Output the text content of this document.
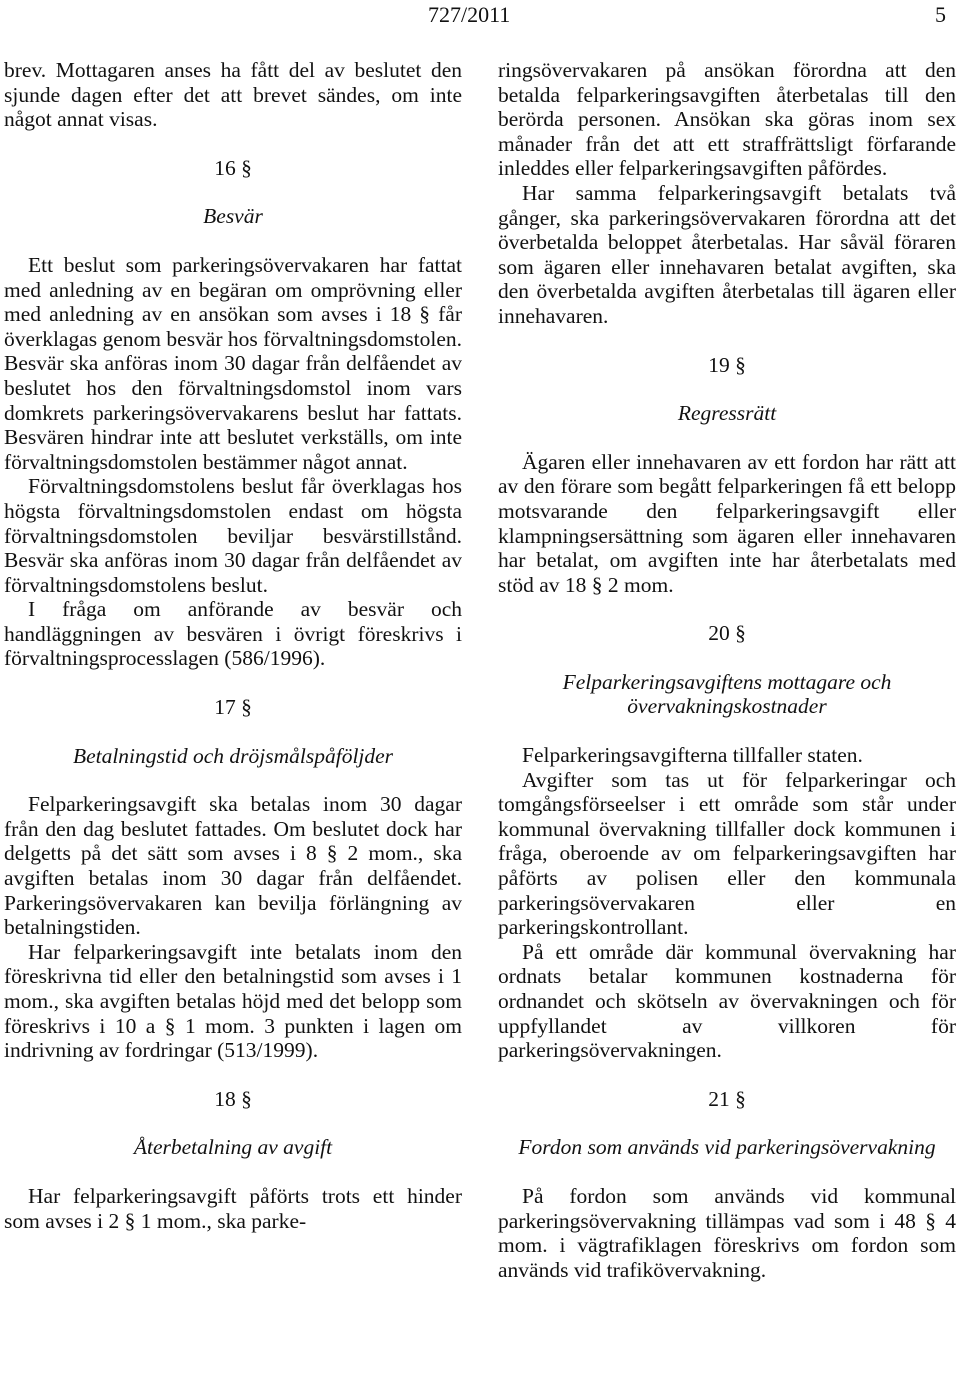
727/2011	5

brev. Mottagaren anses ha fått del av beslutet den sjunde dagen efter det att brevet sändes, om inte något annat visas.

16 §
Besvär

Ett beslut som parkeringsövervakaren har fattat med anledning av en begäran om omprövning eller med anledning av en ansökan som avses i 18 § får överklagas genom besvär hos förvaltningsdomstolen. Besvär ska anföras inom 30 dagar från delfåendet av beslutet hos den förvaltningsdomstol inom vars domkrets parkeringsövervakarens beslut har fattats. Besvären hindrar inte att beslutet verkställs, om inte förvaltningsdomstolen bestämmer något annat.

Förvaltningsdomstolens beslut får överklagas hos högsta förvaltningsdomstolen endast om högsta förvaltningsdomstolen beviljar besvärstillstånd. Besvär ska anföras inom 30 dagar från delfåendet av förvaltningsdomstolens beslut.

I fråga om anförande av besvär och handläggningen av besvären i övrigt föreskrivs i förvaltningsprocesslagen (586/1996).

17 §
Betalningstid och dröjsmålspåföljder

Felparkeringsavgift ska betalas inom 30 dagar från den dag beslutet fattades. Om beslutet dock har delgetts på det sätt som avses i 8 § 2 mom., ska avgiften betalas inom 30 dagar från delfåendet. Parkeringsövervakaren kan bevilja förlängning av betalningstiden.

Har felparkeringsavgift inte betalats inom den föreskrivna tid eller den betalningstid som avses i 1 mom., ska avgiften betalas höjd med det belopp som föreskrivs i 10 a § 1 mom. 3 punkten i lagen om indrivning av fordringar (513/1999).

18 §
Återbetalning av avgift

Har felparkeringsavgift påförts trots ett hinder som avses i 2 § 1 mom., ska parke-

ringsövervakaren på ansökan förordna att den betalda felparkeringsavgiften återbetalas till den berörda personen. Ansökan ska göras inom sex månader från det att ett straffrättsligt förfarande inleddes eller felparkeringsavgiften påfördes.

Har samma felparkeringsavgift betalats två gånger, ska parkeringsövervakaren förordna att det överbetalda beloppet återbetalas. Har såväl föraren som ägaren eller innehavaren betalat avgiften, ska den överbetalda avgiften återbetalas till ägaren eller innehavaren.

19 §
Regressrätt

Ägaren eller innehavaren av ett fordon har rätt att av den förare som begått felparkeringen få ett belopp motsvarande den felparkeringsavgift eller klampningsersättning som ägaren eller innehavaren har betalat, om avgiften inte har återbetalats med stöd av 18 § 2 mom.

20 §
Felparkeringsavgiftens mottagare och övervakningskostnader

Felparkeringsavgifterna tillfaller staten.

Avgifter som tas ut för felparkeringar och tomgångsförseelser i ett område som står under kommunal övervakning tillfaller dock kommunen i fråga, oberoende av om felparkeringsavgiften har påförts av polisen eller den kommunala parkeringsövervakaren eller en parkeringskontrollant.

På ett område där kommunal övervakning har ordnats betalar kommunen kostnaderna för ordnandet och skötseln av övervakningen och för uppfyllandet av villkoren för parkeringsövervakningen.

21 §
Fordon som används vid parkeringsövervakning

På fordon som används vid kommunal parkeringsövervakning tillämpas vad som i 48 § 4 mom. i vägtrafiklagen föreskrivs om fordon som används vid trafikövervakning.
